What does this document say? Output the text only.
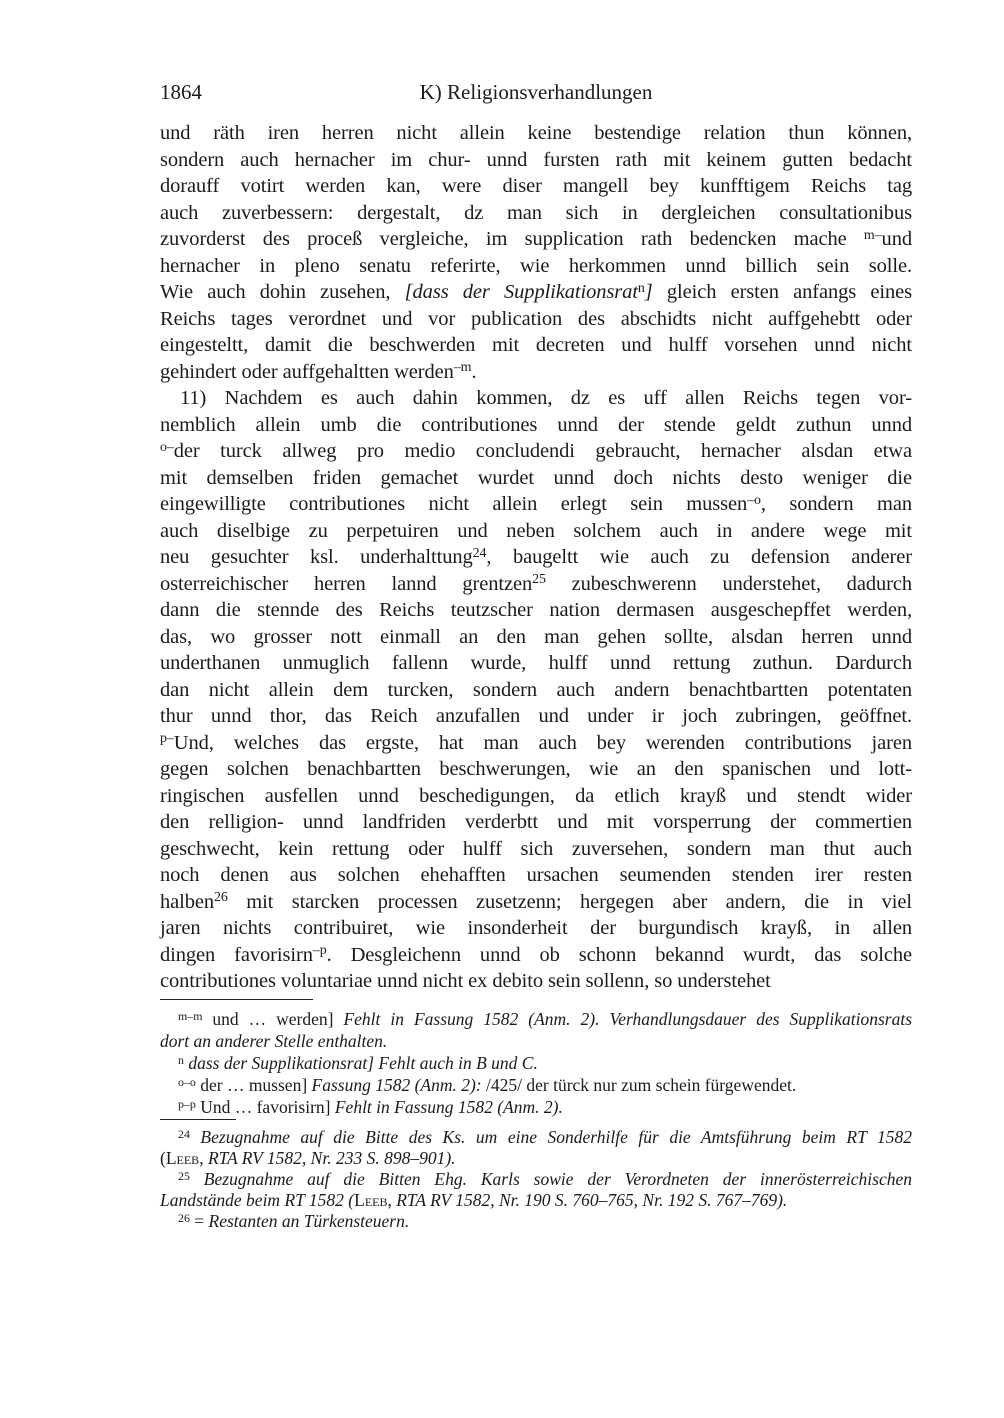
1864	K) Religionsverhandlungen
und räth iren herren nicht allein keine bestendige relation thun können,
sondern auch hernacher im chur- unnd fursten rath mit keinem gutten bedacht
dorauff votirt werden kan, were diser mangell bey kunfftigem Reichs tag
auch zuverbessern: dergestalt, dz man sich in dergleichen consultationibus
zuvorderst des proceß vergleiche, im supplication rath bedencken mache $^{m-}$und
hernacher in pleno senatu referirte, wie herkommen unnd billich sein solle.
Wie auch dohin zusehen, [dass der Supplikationsrat$^n$] gleich ersten anfangs eines
Reichs tages verordnet und vor publication des abschidts nicht auffgehebtt oder
eingesteltt, damit die beschwerden mit decreten und hulff vorsehen unnd nicht
gehindert oder auffgehaltten werden$^{-m}$.
11) Nachdem es auch dahin kommen, dz es uff allen Reichs tegen vor-
nemblich allein umb die contributiones unnd der stende geldt zuthun unnd
$^{o-}$der turck allweg pro medio concludendi gebraucht, hernacher alsdan etwa
mit demselben friden gemachet wurdet unnd doch nichts desto weniger die
eingewilligte contributiones nicht allein erlegt sein mussen$^{-o}$, sondern man
auch diselbige zu perpetuiren und neben solchem auch in andere wege mit
neu gesuchter ksl. underhalttung$^{24}$, baugeltt wie auch zu defension anderer
osterreichischer herren lannd grentzen$^{25}$ zubeschwerenn understehet, dadurch
dann die stennde des Reichs teutzscher nation dermasen ausgeschepffet werden,
das, wo grosser nott einmall an den man gehen sollte, alsdan herren unnd
underthanen unmuglich fallenn wurde, hulff unnd rettung zuthun. Dardurch
dan nicht allein dem turcken, sondern auch andern benachtbartten potentaten
thur unnd thor, das Reich anzufallen und under ir joch zubringen, geöffnet.
$^{p-}$Und, welches das ergste, hat man auch bey werenden contributions jaren
gegen solchen benachbartten beschwerungen, wie an den spanischen und lott-
ringischen ausfellen unnd beschedigungen, da etlich krayß und stendt wider
den relligion- unnd landfriden verderbtt und mit vorsperrung der commertien
geschwecht, kein rettung oder hulff sich zuversehen, sondern man thut auch
noch denen aus solchen ehehafften ursachen seumenden stenden irer resten
halben$^{26}$ mit starcken processen zusetzenn; hergegen aber andern, die in viel
jaren nichts contribuiret, wie insonderheit der burgundisch krayß, in allen
dingen favorisirn$^{-p}$. Desgleichenn unnd ob schonn bekannd wurdt, das solche
contributiones voluntariae unnd nicht ex debito sein sollenn, so understehet
$^{m-m}$ und … werden] Fehlt in Fassung 1582 (Anm. 2). Verhandlungsdauer des Supplikationsrats
dort an anderer Stelle enthalten.
$^n$ dass der Supplikationsrat] Fehlt auch in B und C.
$^{o-o}$ der … mussen] Fassung 1582 (Anm. 2): /425/ der türck nur zum schein fürgewendet.
$^{p-p}$ Und … favorisirn] Fehlt in Fassung 1582 (Anm. 2).
$^{24}$ Bezugnahme auf die Bitte des Ks. um eine Sonderhilfe für die Amtsführung beim RT 1582
(Leeb, RTA RV 1582, Nr. 233 S. 898–901).
$^{25}$ Bezugnahme auf die Bitten Ehg. Karls sowie der Verordneten der innerösterreichischen
Landstände beim RT 1582 (Leeb, RTA RV 1582, Nr. 190 S. 760–765, Nr. 192 S. 767–769).
$^{26}$ = Restanten an Türkensteuern.
